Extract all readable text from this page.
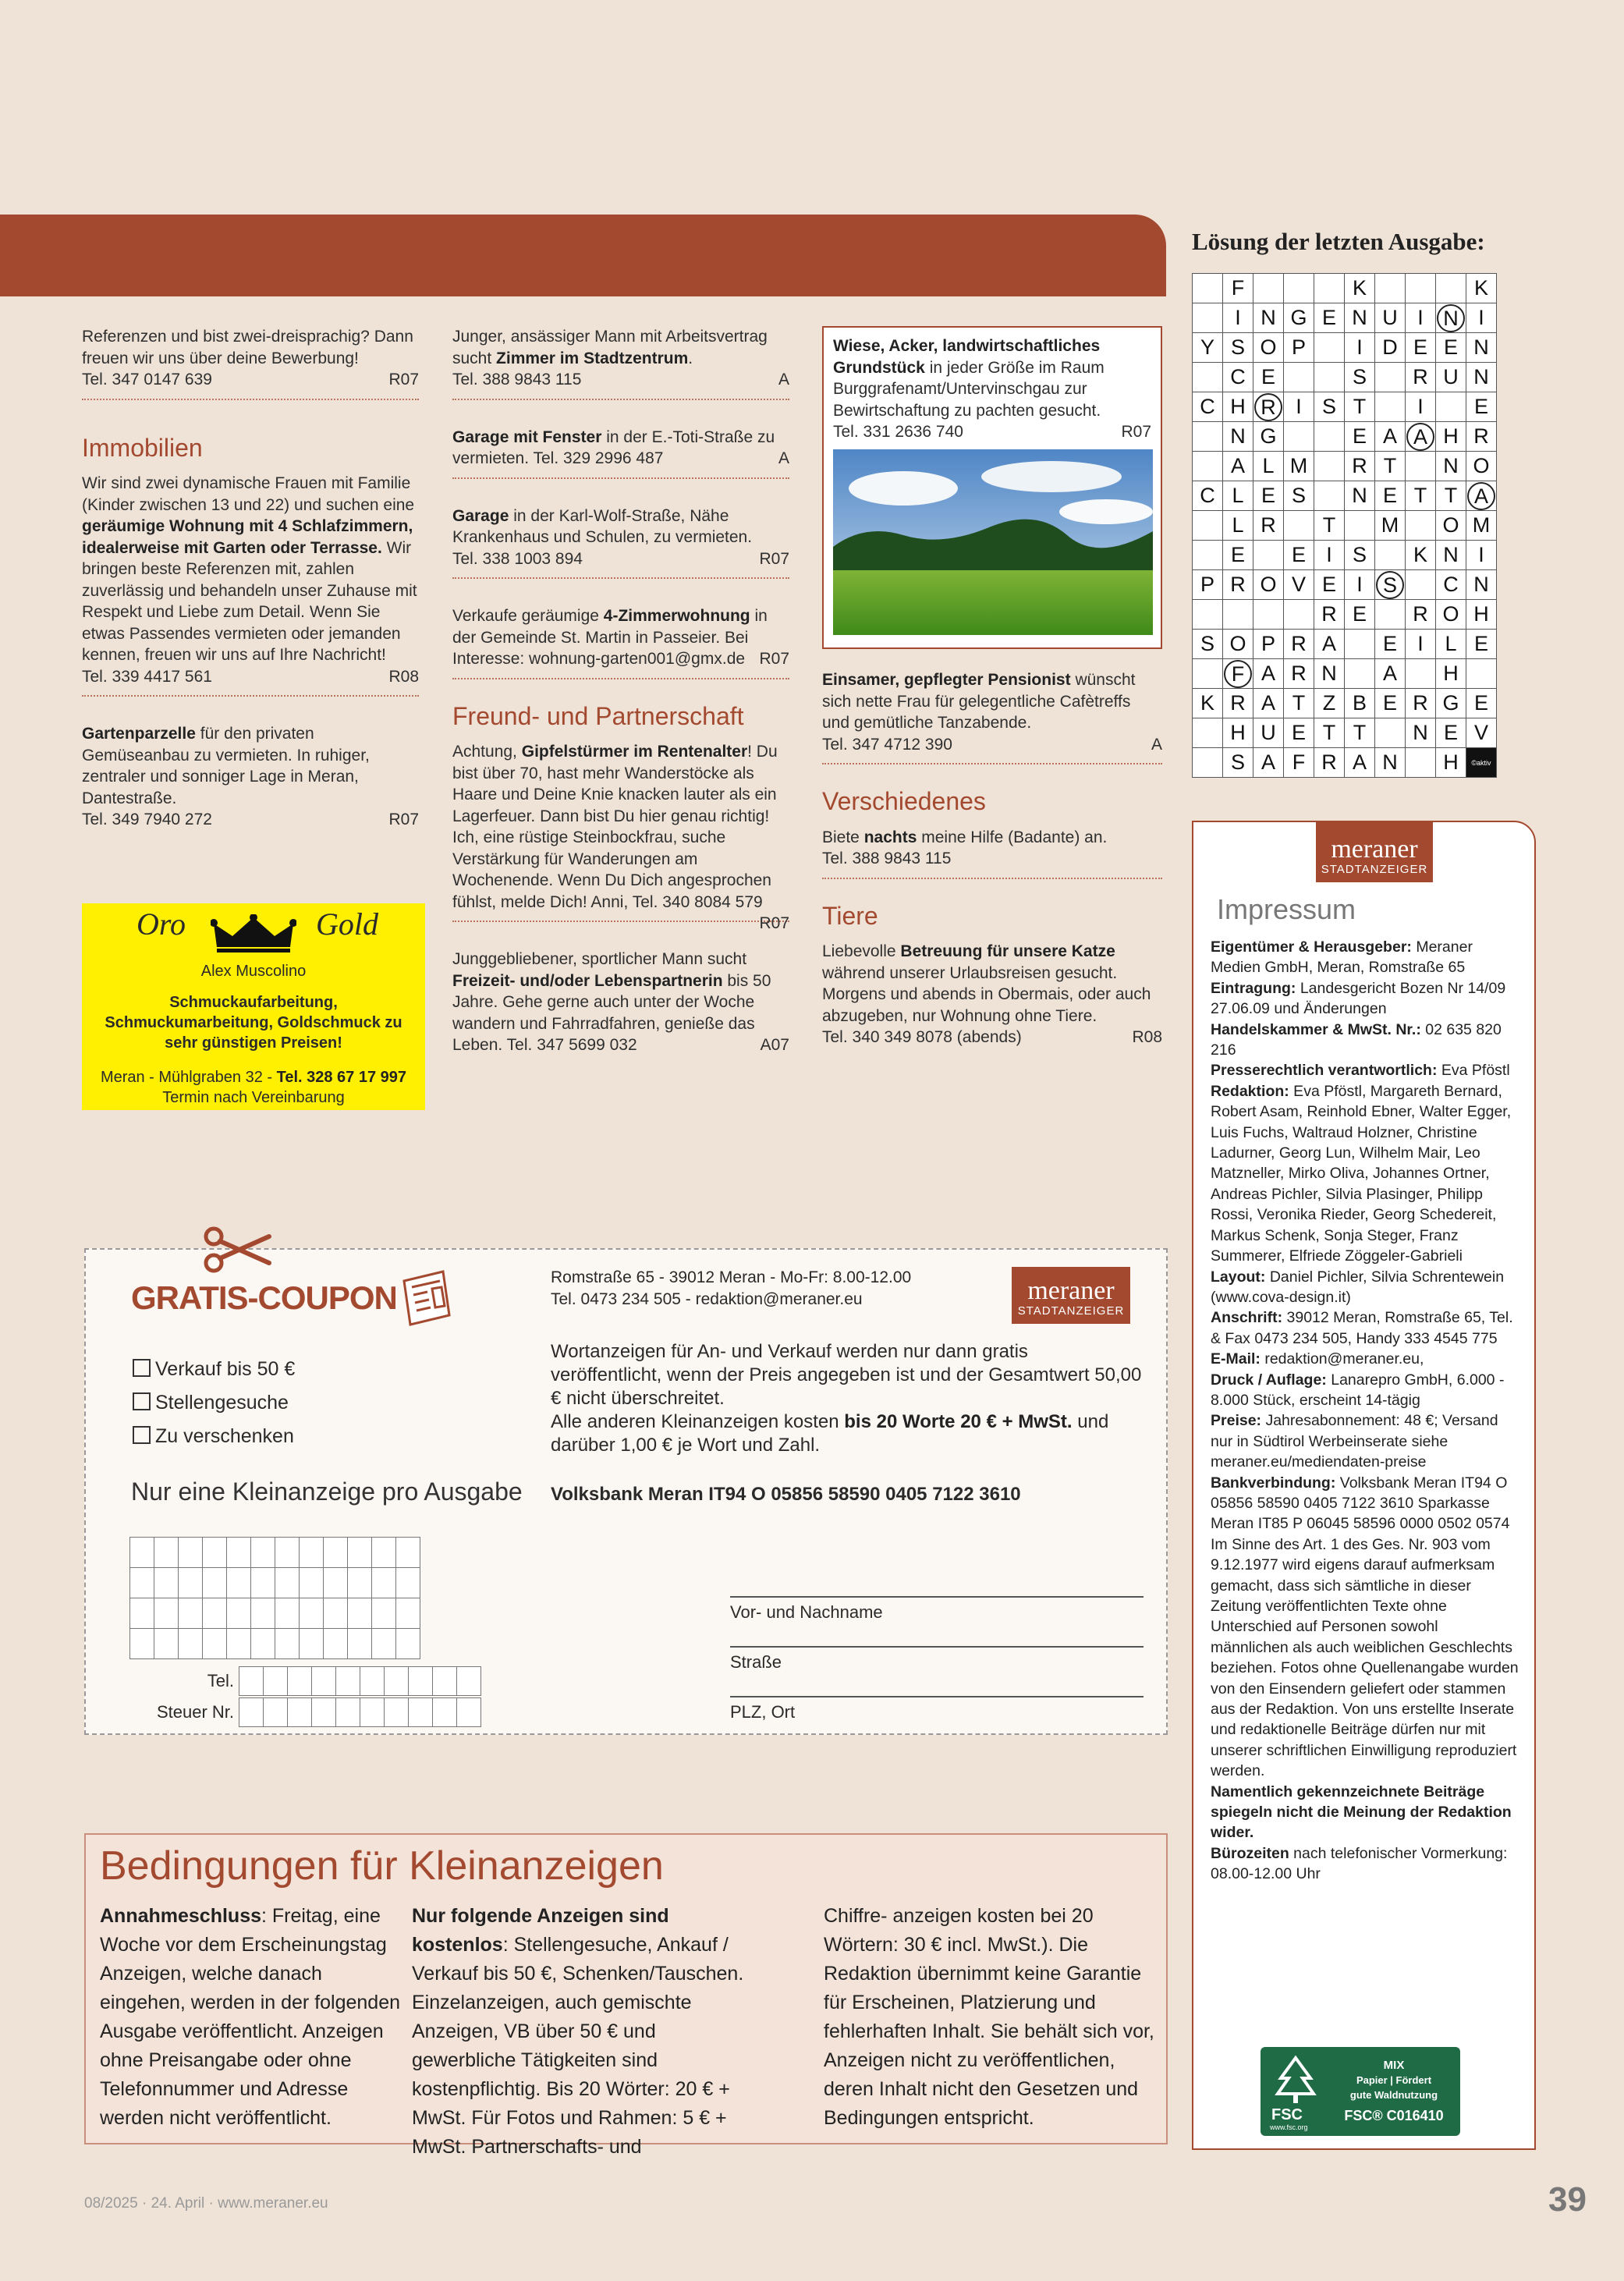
Referenzen und bist zwei-dreisprachig? Dann freuen wir uns über deine Bewerbung!

Tel. 347 0147 639	R07

Immobilien

Wir sind zwei dynamische Frauen mit Familie (Kinder zwischen 13 und 22) und suchen eine geräumige Wohnung mit 4 Schlafzimmern, idealerweise mit Garten oder Terrasse. Wir bringen beste Referenzen mit, zahlen zuverlässig und behandeln unser Zuhause mit Respekt und Liebe zum Detail. Wenn Sie etwas Passendes vermieten oder jemanden kennen, freuen wir uns auf Ihre Nachricht!

Tel. 339 4417 561	R08

Gartenparzelle für den privaten Gemüseanbau zu vermieten. In ruhiger, zentraler und sonniger Lage in Meran, Dantestraße.

Tel. 349 7940 272	R07

Oro	Gold
Alex Muscolino
Schmuckaufarbeitung, Schmuckumarbeitung, Goldschmuck zu sehr günstigen Preisen!
Meran - Mühlgraben 32 - Tel. 328 67 17 997
Termin nach Vereinbarung

Junger, ansässiger Mann mit Arbeitsvertrag sucht Zimmer im Stadtzentrum.

Tel. 388 9843 115	A

Garage mit Fenster in der E.-Toti-Straße zu vermieten. Tel. 329 2996 487	A

Garage in der Karl-Wolf-Straße, Nähe Krankenhaus und Schulen, zu vermieten.

Tel. 338 1003 894	R07

Verkaufe geräumige 4-Zimmerwohnung in der Gemeinde St. Martin in Passeier. Bei Interesse: wohnung-garten001@gmx.de R07

Freund- und Partnerschaft

Achtung, Gipfelstürmer im Rentenalter! Du bist über 70, hast mehr Wanderstöcke als Haare und Deine Knie knacken lauter als ein Lagerfeuer. Dann bist Du hier genau richtig! Ich, eine rüstige Steinbockfrau, suche Verstärkung für Wanderungen am Wochenende. Wenn Du Dich angesprochen fühlst, melde Dich! Anni, Tel. 340 8084 579
R07

Junggebliebener, sportlicher Mann sucht Freizeit- und/oder Lebenspartnerin bis 50 Jahre. Gehe gerne auch unter der Woche wandern und Fahrradfahren, genieße das Leben. Tel. 347 5699 032	A07

Wiese, Acker, landwirtschaftliches Grundstück in jeder Größe im Raum Burggrafenamt/Untervinschgau zur Bewirtschaftung zu pachten gesucht.

Tel. 331 2636 740	R07

Einsamer, gepflegter Pensionist wünscht sich nette Frau für gelegentliche Cafètreffs und gemütliche Tanzabende.

Tel. 347 4712 390	A

Verschiedenes

Biete nachts meine Hilfe (Badante) an.

Tel. 388 9843 115

Tiere

Liebevolle Betreuung für unsere Katze während unserer Urlaubsreisen gesucht. Morgens und abends in Obermais, oder auch abzugeben, nur Wohnung ohne Tiere.

Tel. 340 349 8078 (abends)	R08

Lösung der letzten Ausgabe:
	F				K				K
	I	N	G	E	N	U	I	N	I
Y	S	O	P		I	D	E	E	N
	C	E			S		R	U	N
C	H	R	I	S	T		I		E
	N	G			E	A	A	H	R
	A	L	M		R	T		N	O
C	L	E	S		N	E	T	T	A
	L	R		T		M		O	M
	E		E	I	S		K	N	I
P	R	O	V	E	I	S		C	N
				R	E		R	O	H
S	O	P	R	A		E	I	L	E
	F	A	R	N		A		H	
K	R	A	T	Z	B	E	R	G	E
	H	U	E	T	T		N	E	V
	S	A	F	R	A	N		H	©aktiv
meraner
STADTANZEIGER
Impressum
Eigentümer & Herausgeber: Meraner Medien GmbH, Meran, Romstraße 65
Eintragung: Landesgericht Bozen Nr 14/09 27.06.09 und Änderungen
Handelskammer & MwSt. Nr.: 02 635 820 216
Presserechtlich verantwortlich: Eva Pföstl
Redaktion: Eva Pföstl, Margareth Bernard, Robert Asam, Reinhold Ebner, Walter Egger, Luis Fuchs, Waltraud Holzner, Christine Ladurner, Georg Lun, Wilhelm Mair, Leo Matzneller, Mirko Oliva, Johannes Ortner, Andreas Pichler, Silvia Plasinger, Philipp Rossi, Veronika Rieder, Georg Schedereit, Markus Schenk, Sonja Steger, Franz Summerer, Elfriede Zöggeler-Gabrieli
Layout: Daniel Pichler, Silvia Schrentewein (www.cova-design.it)
Anschrift: 39012 Meran, Romstraße 65, Tel. & Fax 0473 234 505, Handy 333 4545 775
E-Mail: redaktion@meraner.eu,
Druck / Auflage: Lanarepro GmbH, 6.000 - 8.000 Stück, erscheint 14-tägig
Preise: Jahresabonnement: 48 €; Versand nur in Südtirol Werbeinserate siehe meraner.eu/mediendaten-preise
Bankverbindung: Volksbank Meran IT94 O 05856 58590 0405 7122 3610 Sparkasse Meran IT85 P 06045 58596 0000 0502 0574 Im Sinne des Art. 1 des Ges. Nr. 903 vom 9.12.1977 wird eigens darauf aufmerksam gemacht, dass sich sämtliche in dieser Zeitung veröffentlichten Texte ohne Unterschied auf Personen sowohl männlichen als auch weiblichen Geschlechts beziehen. Fotos ohne Quellenangabe wurden von den Einsendern geliefert oder stammen aus der Redaktion. Von uns erstellte Inserate und redaktionelle Beiträge dürfen nur mit unserer schriftlichen Einwilligung reproduziert werden.
Namentlich gekennzeichnete Beiträge spiegeln nicht die Meinung der Redaktion wider.
Bürozeiten nach telefonischer Vormerkung: 08.00-12.00 Uhr

FSC
www.fsc.org
MIX
Papier | Fördert
gute Waldnutzung
FSC® C016410
GRATIS-COUPON
Romstraße 65 - 39012 Meran - Mo-Fr: 8.00-12.00
Tel. 0473 234 505 - redaktion@meraner.eu	meraner
STADTANZEIGER
Verkauf bis 50 €
Stellengesuche
Zu verschenken
Wortanzeigen für An- und Verkauf werden nur dann gratis veröffentlicht, wenn der Preis angegeben ist und der Gesamtwert 50,00 € nicht überschreitet.
Alle anderen Kleinanzeigen kosten bis 20 Worte 20 € + MwSt. und darüber 1,00 € je Wort und Zahl.
Nur eine Kleinanzeige pro Ausgabe Volksbank Meran IT94 O 05856 58590 0405 7122 3610

Tel.
Steuer Nr.
Vor- und Nachname
Straße
PLZ, Ort
Bedingungen für Kleinanzeigen
Annahmeschluss: Freitag, eine Woche vor dem Erscheinungstag Anzeigen, welche danach eingehen, werden in der folgenden Ausgabe veröffentlicht. Anzeigen ohne Preisangabe oder ohne Telefonnummer und Adresse werden nicht veröffentlicht.
Nur folgende Anzeigen sind kostenlos: Stellengesuche, Ankauf / Verkauf bis 50 €, Schenken/Tauschen. Einzelanzeigen, auch gemischte Anzeigen, VB über 50 € und gewerbliche Tätigkeiten sind kostenpflichtig. Bis 20 Wörter: 20 € + MwSt. Für Fotos und Rahmen: 5 € + MwSt. Partnerschafts- und
Chiffre- anzeigen kosten bei 20 Wörtern: 30 € incl. MwSt.). Die Redaktion übernimmt keine Garantie für Erscheinen, Platzierung und fehlerhaften Inhalt. Sie behält sich vor, Anzeigen nicht zu veröffentlichen, deren Inhalt nicht den Gesetzen und Bedingungen entspricht.
08/2025 · 24. April · www.meraner.eu	39
